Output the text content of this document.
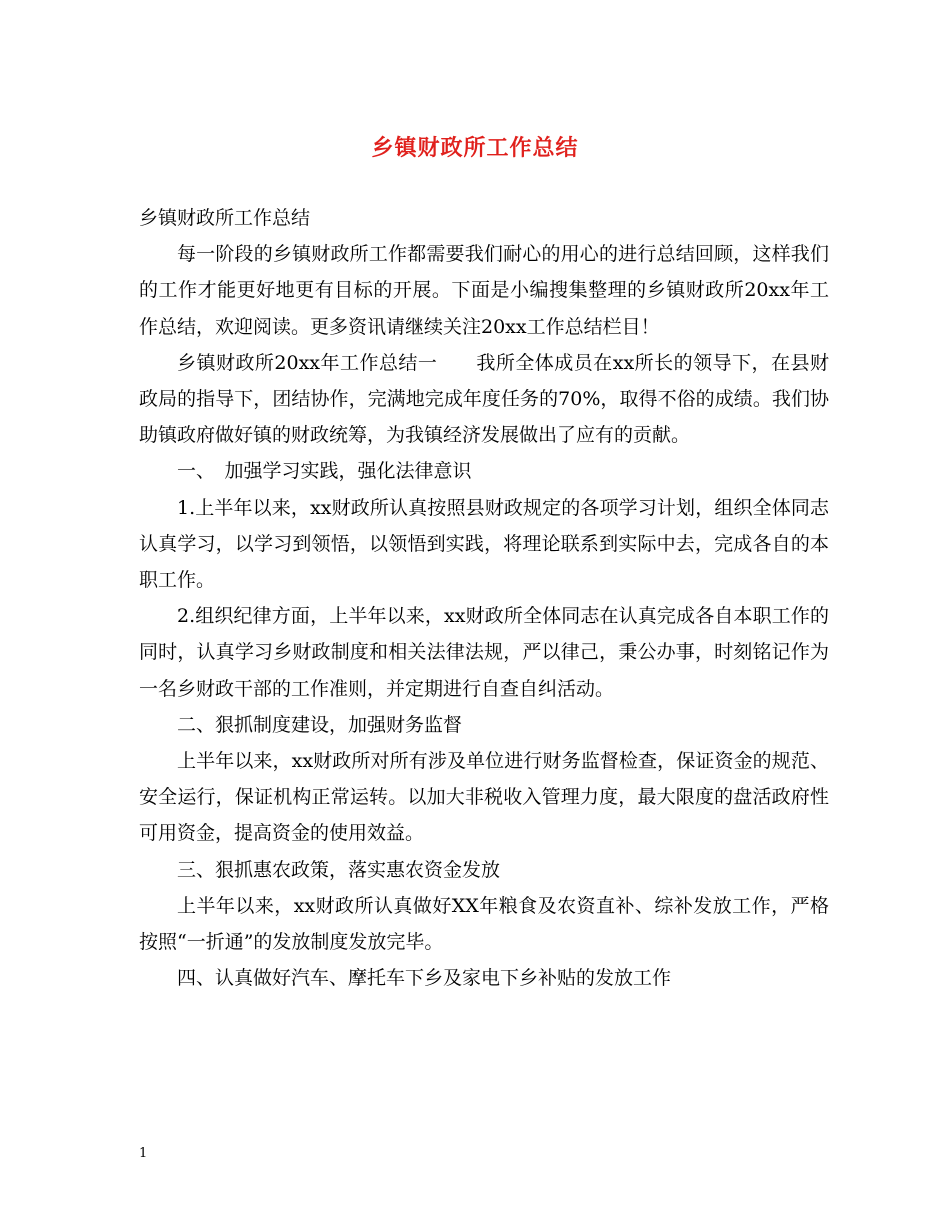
乡镇财政所工作总结

乡镇财政所工作总结

每一阶段的乡镇财政所工作都需要我们耐心的用心的进行总结回顾，这样我们的工作才能更好地更有目标的开展。下面是小编搜集整理的乡镇财政所20xx年工作总结，欢迎阅读。更多资讯请继续关注20xx工作总结栏目！

乡镇财政所20xx年工作总结一　　我所全体成员在xx所长的领导下，在县财政局的指导下，团结协作，完满地完成年度任务的70%，取得不俗的成绩。我们协助镇政府做好镇的财政统筹，为我镇经济发展做出了应有的贡献。

一、　加强学习实践，强化法律意识

1.上半年以来，xx财政所认真按照县财政规定的各项学习计划，组织全体同志认真学习，以学习到领悟，以领悟到实践，将理论联系到实际中去，完成各自的本职工作。

2.组织纪律方面，上半年以来，xx财政所全体同志在认真完成各自本职工作的同时，认真学习乡财政制度和相关法律法规，严以律己，秉公办事，时刻铭记作为一名乡财政干部的工作准则，并定期进行自查自纠活动。

二、狠抓制度建设，加强财务监督

上半年以来，xx财政所对所有涉及单位进行财务监督检查，保证资金的规范、安全运行，保证机构正常运转。以加大非税收入管理力度，最大限度的盘活政府性可用资金，提高资金的使用效益。

三、狠抓惠农政策，落实惠农资金发放

上半年以来，xx财政所认真做好XX年粮食及农资直补、综补发放工作，严格按照“一折通”的发放制度发放完毕。

四、认真做好汽车、摩托车下乡及家电下乡补贴的发放工作

1
